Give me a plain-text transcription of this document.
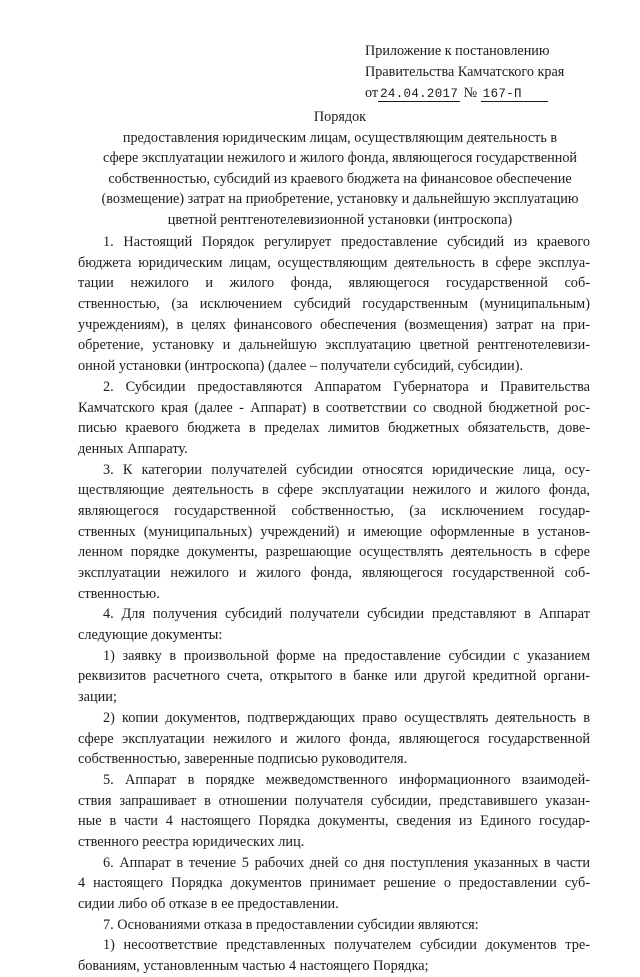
Приложение к постановлению
Правительства Камчатского края
от 24.04.2017 № 167-П
Порядок
предоставления юридическим лицам, осуществляющим деятельность в
сфере эксплуатации нежилого и жилого фонда, являющегося государственной
собственностью, субсидий из краевого бюджета на финансовое обеспечение
(возмещение) затрат на приобретение, установку и дальнейшую эксплуатацию
цветной рентгенотелевизионной установки (интроскопа)
1. Настоящий Порядок регулирует предоставление субсидий из краевого
бюджета юридическим лицам, осуществляющим деятельность в сфере эксплуа-
тации нежилого и жилого фонда, являющегося государственной соб-
ственностью, (за исключением субсидий государственным (муниципальным)
учреждениям), в целях финансового обеспечения (возмещения) затрат на при-
обретение, установку и дальнейшую эксплуатацию цветной рентгенотелевизи-
онной установки (интроскопа) (далее – получатели субсидий, субсидии).
2. Субсидии предоставляются Аппаратом Губернатора и Правительства
Камчатского края (далее - Аппарат) в соответствии со сводной бюджетной рос-
писью краевого бюджета в пределах лимитов бюджетных обязательств, дове-
денных Аппарату.
3. К категории получателей субсидии относятся юридические лица, осу-
ществляющие деятельность в сфере эксплуатации нежилого и жилого фонда,
являющегося государственной собственностью, (за исключением государ-
ственных (муниципальных) учреждений) и имеющие оформленные в установ-
ленном порядке документы, разрешающие осуществлять деятельность в сфере
эксплуатации нежилого и жилого фонда, являющегося государственной соб-
ственностью.
4. Для получения субсидий получатели субсидии представляют в Аппарат
следующие документы:
1) заявку в произвольной форме на предоставление субсидии с указанием
реквизитов расчетного счета, открытого в банке или другой кредитной органи-
зации;
2) копии документов, подтверждающих право осуществлять деятельность в
сфере эксплуатации нежилого и жилого фонда, являющегося государственной
собственностью, заверенные подписью руководителя.
5. Аппарат в порядке межведомственного информационного взаимодей-
ствия запрашивает в отношении получателя субсидии, представившего указан-
ные в части 4 настоящего Порядка документы, сведения из Единого государ-
ственного реестра юридических лиц.
6. Аппарат в течение 5 рабочих дней со дня поступления указанных в части
4 настоящего Порядка документов принимает решение о предоставлении суб-
сидии либо об отказе в ее предоставлении.
7. Основаниями отказа в предоставлении субсидии являются:
1) несоответствие представленных получателем субсидии документов тре-
бованиям, установленным частью 4 настоящего Порядка;
